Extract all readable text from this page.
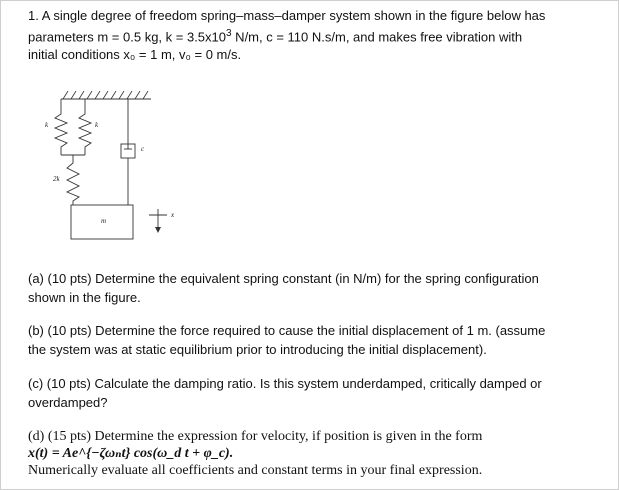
1. A single degree of freedom spring–mass–damper system shown in the figure below has
parameters m = 0.5 kg, $k = 3.5x10^3$ N/m, c = 110 N.s/m, and makes free vibration with
initial conditions x₀ = 1 m, v₀ = 0 m/s.
k	k
2k
c
m
x
(a) (10 pts) Determine the equivalent spring constant (in N/m) for the spring configuration
shown in the figure.
(b) (10 pts) Determine the force required to cause the initial displacement of 1 m. (assume
the system was at static equilibrium prior to introducing the initial displacement).
(c) (10 pts) Calculate the damping ratio. Is this system underdamped, critically damped or
overdamped?
(d) (15 pts) Determine the expression for velocity, if position is given in the form
x(t) = Ae^{−ζωₙt} cos(ω_d t + φ_c).
Numerically evaluate all coefficients and constant terms in your final expression.
